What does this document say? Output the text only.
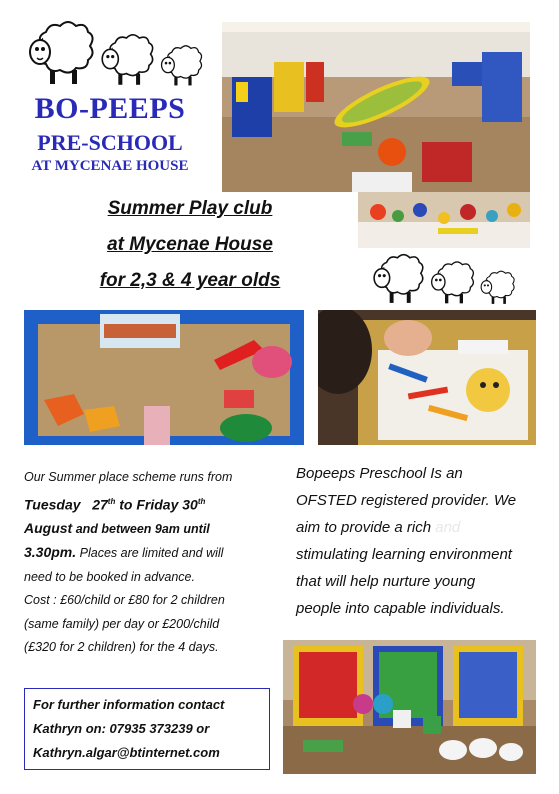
BO-PEEPS
PRE-SCHOOL
AT MYCENAE HOUSE
Summer Play club
at Mycenae House
for 2,3 & 4 year olds
Our Summer place scheme runs from
Tuesday 27th to Friday 30th
August and between 9am until
3.30pm. Places are limited and will
need to be booked in advance.
Cost : £60/child or £80 for 2 children
(same family) per day or £200/child
(£320 for 2 children) for the 4 days.
Bopeeps Preschool Is an
OFSTED registered provider. We
aim to provide a rich and
stimulating learning environment
that will help nurture young
people into capable individuals.
For further information contact
Kathryn on: 07935 373239 or
Kathryn.algar@btinternet.com
